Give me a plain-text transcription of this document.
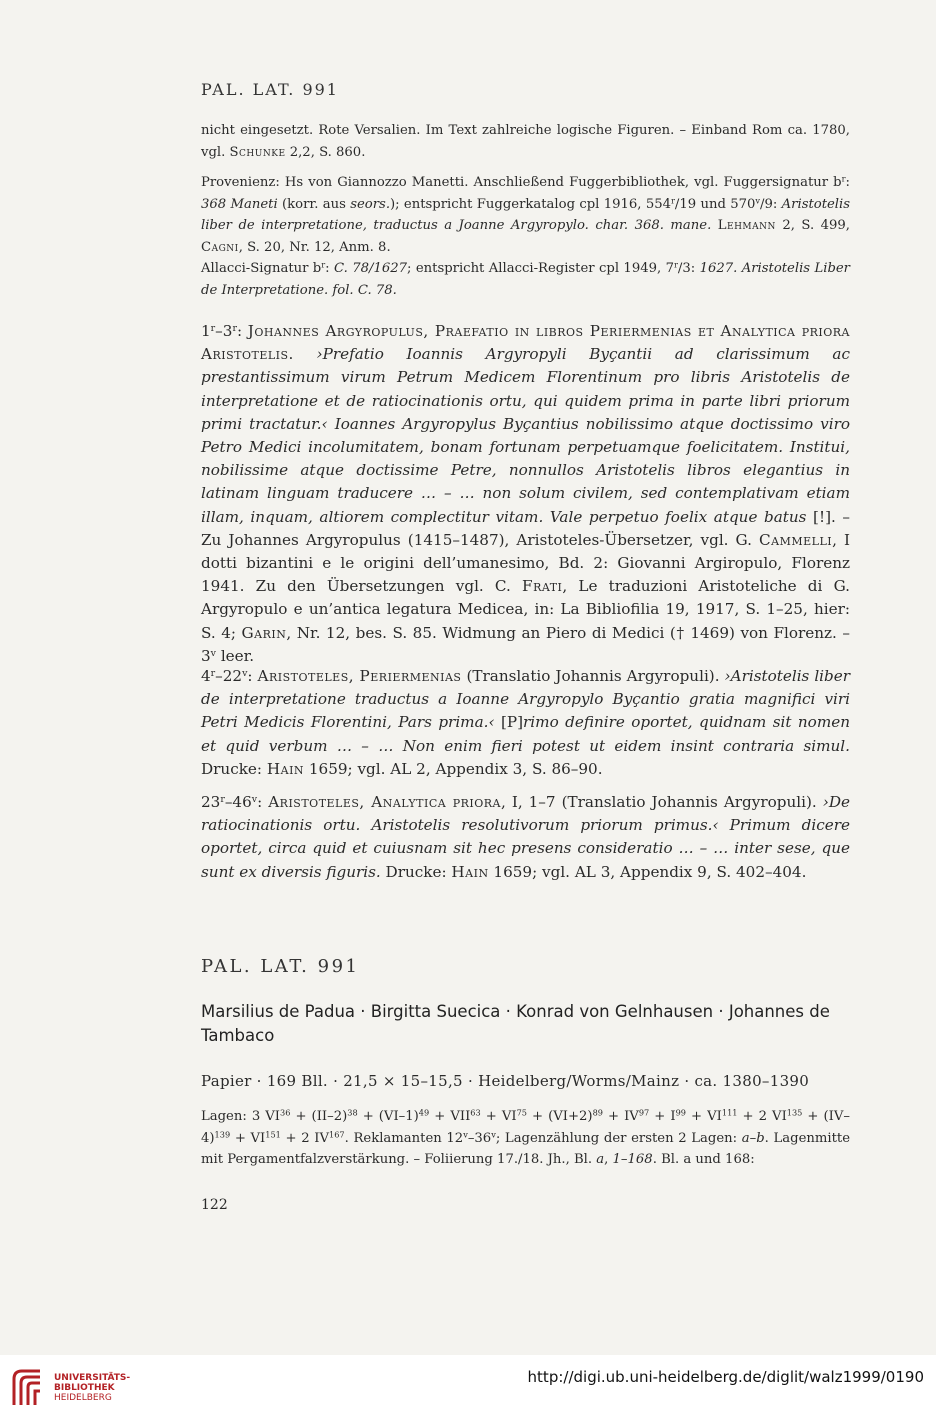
PAL. LAT. 991

nicht eingesetzt. Rote Versalien. Im Text zahlreiche logische Figuren. – Einband Rom ca. 1780, vgl. Schunke 2,2, S. 860.

Provenienz: Hs von Giannozzo Manetti. Anschließend Fuggerbibliothek, vgl. Fuggersignatur $b^r$: 368 Maneti (korr. aus seors.); entspricht Fuggerkatalog cpl 1916, 554$^r$/19 und 570$^v$/9: Aristotelis liber de interpretatione, traductus a Joanne Argyropylo. char. 368. mane. Lehmann 2, S. 499, Cagni, S. 20, Nr. 12, Anm. 8.

Allacci-Signatur $b^r$: C. 78/1627; entspricht Allacci-Register cpl 1949, 7$^r$/3: 1627. Aristotelis Liber de Interpretatione. fol. C. 78.

1$^r$–3$^r$: Johannes Argyropulus, Praefatio in libros Periermenias et Analytica priora Aristotelis. ›Prefatio Ioannis Argyropyli Byçantii ad clarissimum ac prestantissimum virum Petrum Medicem Florentinum pro libris Aristotelis de interpretatione et de ratiocinationis ortu, qui quidem prima in parte libri priorum primi tractatur.‹ Ioannes Argyropylus Byçantius nobilissimo atque doctissimo viro Petro Medici incolumitatem, bonam fortunam perpetuamque foelicitatem. Institui, nobilissime atque doctissime Petre, nonnullos Aristotelis libros elegantius in latinam linguam traducere … – … non solum civilem, sed contemplativam etiam illam, inquam, altiorem complectitur vitam. Vale perpetuo foelix atque batus [!]. – Zu Johannes Argyropulus (1415–1487), Aristoteles-Übersetzer, vgl. G. Cammelli, I dotti bizantini e le origini dell’umanesimo, Bd. 2: Giovanni Argiropulo, Florenz 1941. Zu den Übersetzungen vgl. C. Frati, Le traduzioni Aristoteliche di G. Argyropulo e un’antica legatura Medicea, in: La Bibliofilia 19, 1917, S. 1–25, hier: S. 4; Garin, Nr. 12, bes. S. 85. Widmung an Piero di Medici († 1469) von Florenz. – 3$^v$ leer.

4$^r$–22$^v$: Aristoteles, Periermenias (Translatio Johannis Argyropuli). ›Aristotelis liber de interpretatione traductus a Ioanne Argyropylo Byçantio gratia magnifici viri Petri Medicis Florentini, Pars prima.‹ [P]rimo definire oportet, quidnam sit nomen et quid verbum … – … Non enim fieri potest ut eidem insint contraria simul. Drucke: Hain 1659; vgl. AL 2, Appendix 3, S. 86–90.

23$^r$–46$^v$: Aristoteles, Analytica priora, I, 1–7 (Translatio Johannis Argyropuli). ›De ratiocinationis ortu. Aristotelis resolutivorum priorum primus.‹ Primum dicere oportet, circa quid et cuiusnam sit hec presens consideratio … – … inter sese, que sunt ex diversis figuris. Drucke: Hain 1659; vgl. AL 3, Appendix 9, S. 402–404.

PAL. LAT. 991
Marsilius de Padua · Birgitta Suecica · Konrad von Gelnhausen · Johannes de Tambaco
Papier · 169 Bll. · 21,5 × 15–15,5 · Heidelberg/Worms/Mainz · ca. 1380–1390

Lagen: 3 $VI^{36} + (II-2)^{38} + (VI-1)^{49} + VII^{63} + VI^{75} + (VI+2)^{89} + IV^{97} + I^{99} + VI^{111} + 2$ $VI^{135} + (IV-4)^{139} + VI^{151} + 2$ IV$^{167}$. Reklamanten 12$^v$–36$^v$; Lagenzählung der ersten 2 Lagen: a–b. Lagenmitte mit Pergamentfalzverstärkung. – Foliierung 17./18. Jh., Bl. a, 1–168. Bl. a und 168:

122
UNIVERSITÄTS-
BIBLIOTHEK
HEIDELBERG
http://digi.ub.uni-heidelberg.de/diglit/walz1999/0190
